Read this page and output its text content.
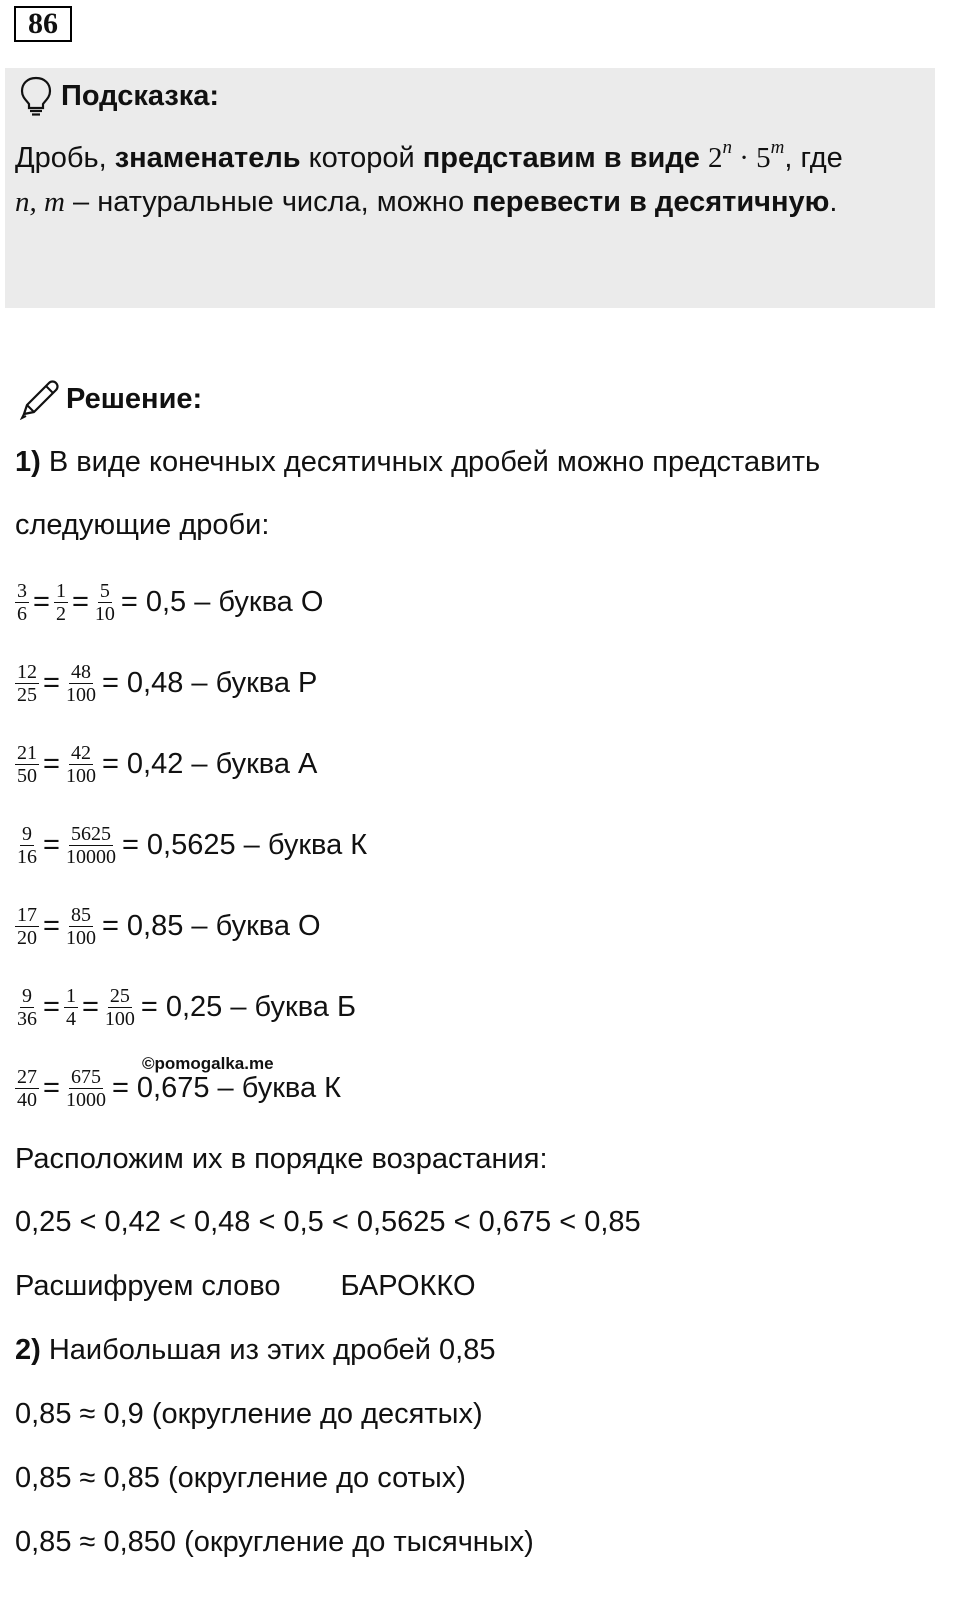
86
Подсказка:
Дробь, знаменатель которой представим в виде $2^n \cdot 5^m$, где
n, m – натуральные числа, можно перевести в десятичную.
Решение:
1) В виде конечных десятичных дробей можно представить
следующие дроби:
$\frac{3}{6} = \frac{1}{2} = \frac{5}{10} = 0,5$ – буква О
$\frac{12}{25} = \frac{48}{100} = 0,48$ – буква Р
$\frac{21}{50} = \frac{42}{100} = 0,42$ – буква А
$\frac{9}{16} = \frac{5625}{10000} = 0,5625$ – буква К
$\frac{17}{20} = \frac{85}{100} = 0,85$ – буква О
$\frac{9}{36} = \frac{1}{4} = \frac{25}{100} = 0,25$ – буква Б
$\frac{27}{40} = \frac{675}{1000} = 0,675$ – буква К
©pomogalka.me
Расположим их в порядке возрастания:
0,25 < 0,42 < 0,48 < 0,5 < 0,5625 < 0,675 < 0,85
Расшифруем слово БАРОККО
2) Наибольшая из этих дробей 0,85
0,85 ≈ 0,9 (округление до десятых)
0,85 ≈ 0,85 (округление до сотых)
0,85 ≈ 0,850 (округление до тысячных)
